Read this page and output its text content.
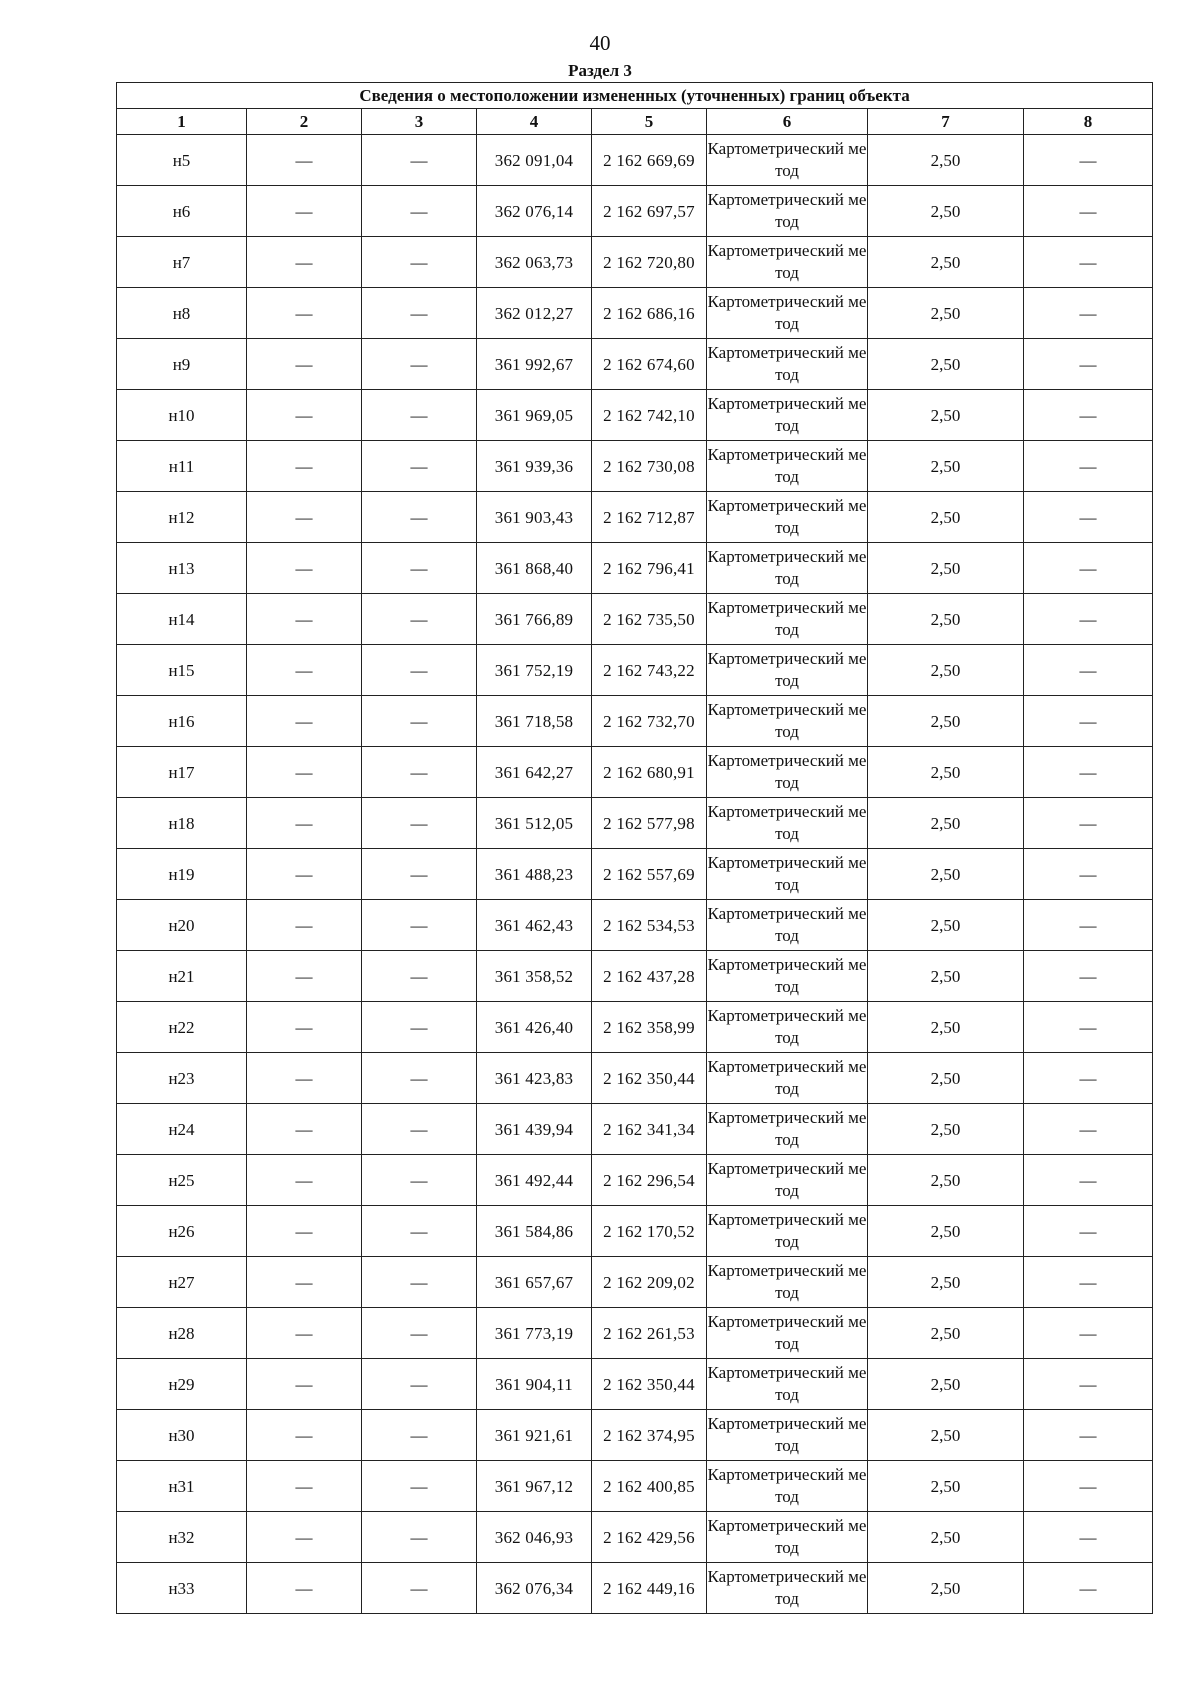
40
Раздел 3
Сведения о местоположении измененных (уточненных) границ объекта							
1	2	3	4	5	6	7	8
н5	—	—	362 091,04	2 162 669,69	Картометрический метод	2,50	—
н6	—	—	362 076,14	2 162 697,57	Картометрический метод	2,50	—
н7	—	—	362 063,73	2 162 720,80	Картометрический метод	2,50	—
н8	—	—	362 012,27	2 162 686,16	Картометрический метод	2,50	—
н9	—	—	361 992,67	2 162 674,60	Картометрический метод	2,50	—
н10	—	—	361 969,05	2 162 742,10	Картометрический метод	2,50	—
н11	—	—	361 939,36	2 162 730,08	Картометрический метод	2,50	—
н12	—	—	361 903,43	2 162 712,87	Картометрический метод	2,50	—
н13	—	—	361 868,40	2 162 796,41	Картометрический метод	2,50	—
н14	—	—	361 766,89	2 162 735,50	Картометрический метод	2,50	—
н15	—	—	361 752,19	2 162 743,22	Картометрический метод	2,50	—
н16	—	—	361 718,58	2 162 732,70	Картометрический метод	2,50	—
н17	—	—	361 642,27	2 162 680,91	Картометрический метод	2,50	—
н18	—	—	361 512,05	2 162 577,98	Картометрический метод	2,50	—
н19	—	—	361 488,23	2 162 557,69	Картометрический метод	2,50	—
н20	—	—	361 462,43	2 162 534,53	Картометрический метод	2,50	—
н21	—	—	361 358,52	2 162 437,28	Картометрический метод	2,50	—
н22	—	—	361 426,40	2 162 358,99	Картометрический метод	2,50	—
н23	—	—	361 423,83	2 162 350,44	Картометрический метод	2,50	—
н24	—	—	361 439,94	2 162 341,34	Картометрический метод	2,50	—
н25	—	—	361 492,44	2 162 296,54	Картометрический метод	2,50	—
н26	—	—	361 584,86	2 162 170,52	Картометрический метод	2,50	—
н27	—	—	361 657,67	2 162 209,02	Картометрический метод	2,50	—
н28	—	—	361 773,19	2 162 261,53	Картометрический метод	2,50	—
н29	—	—	361 904,11	2 162 350,44	Картометрический метод	2,50	—
н30	—	—	361 921,61	2 162 374,95	Картометрический метод	2,50	—
н31	—	—	361 967,12	2 162 400,85	Картометрический метод	2,50	—
н32	—	—	362 046,93	2 162 429,56	Картометрический метод	2,50	—
н33	—	—	362 076,34	2 162 449,16	Картометрический метод	2,50	—
